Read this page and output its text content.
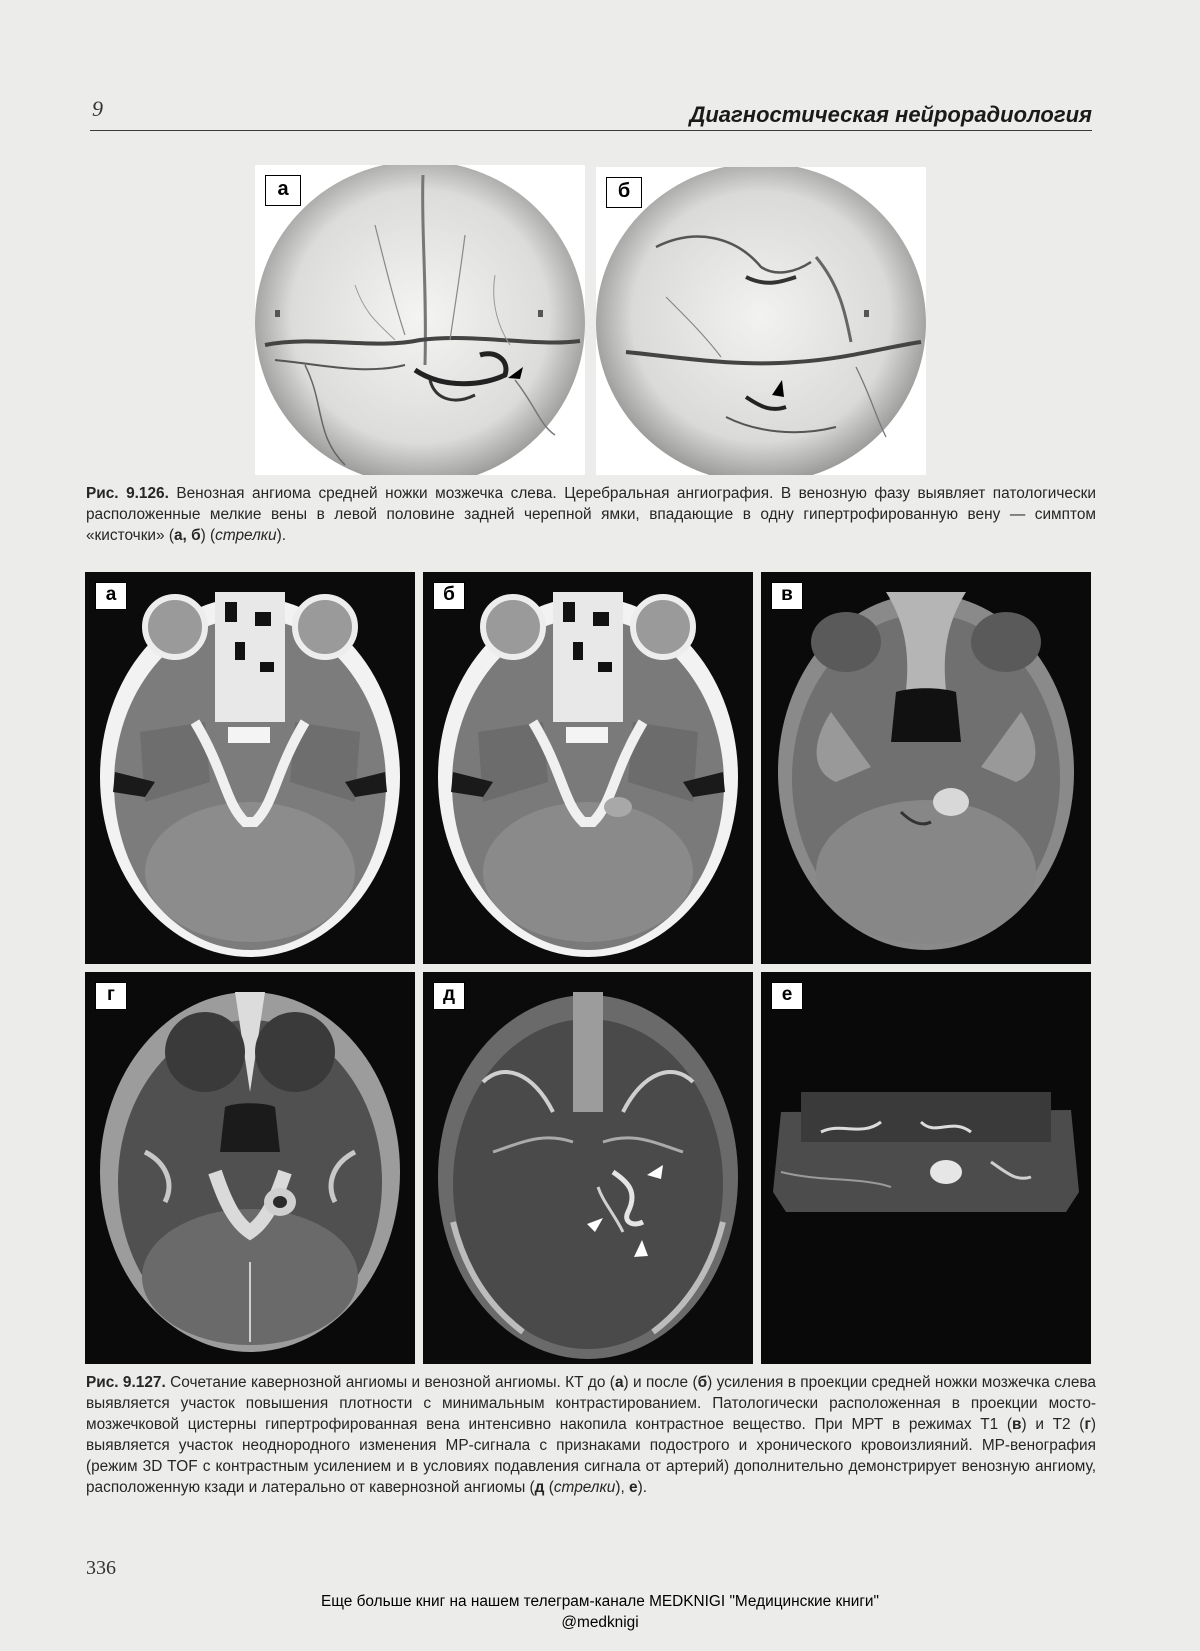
9	Диагностическая нейрорадиология
а	б
Рис. 9.126. Венозная ангиома средней ножки мозжечка слева. Церебральная ангиография. В венозную фазу выявляет патологически расположенные мелкие вены в левой половине задней черепной ямки, впадающие в одну гипертрофированную вену — симптом «кисточки» (а, б) (стрелки).
а	б	в
г	д	е
Рис. 9.127. Сочетание кавернозной ангиомы и венозной ангиомы. КТ до (а) и после (б) усиления в проекции средней ножки мозжечка слева выявляется участок повышения плотности с минимальным контрастированием. Патологически расположенная в проекции мосто-мозжечковой цистерны гипертрофированная вена интенсивно накопила контрастное вещество. При МРТ в режимах Т1 (в) и Т2 (г) выявляется участок неоднородного изменения МР-сигнала с признаками подострого и хронического кровоизлияний. МР-венография (режим 3D TOF с контрастным усилением и в условиях подавления сигнала от артерий) дополнительно демонстрирует венозную ангиому, расположенную кзади и латерально от кавернозной ангиомы (д (стрелки), е).
336
Еще больше книг на нашем телеграм-канале MEDKNIGI "Медицинские книги"
@medknigi
